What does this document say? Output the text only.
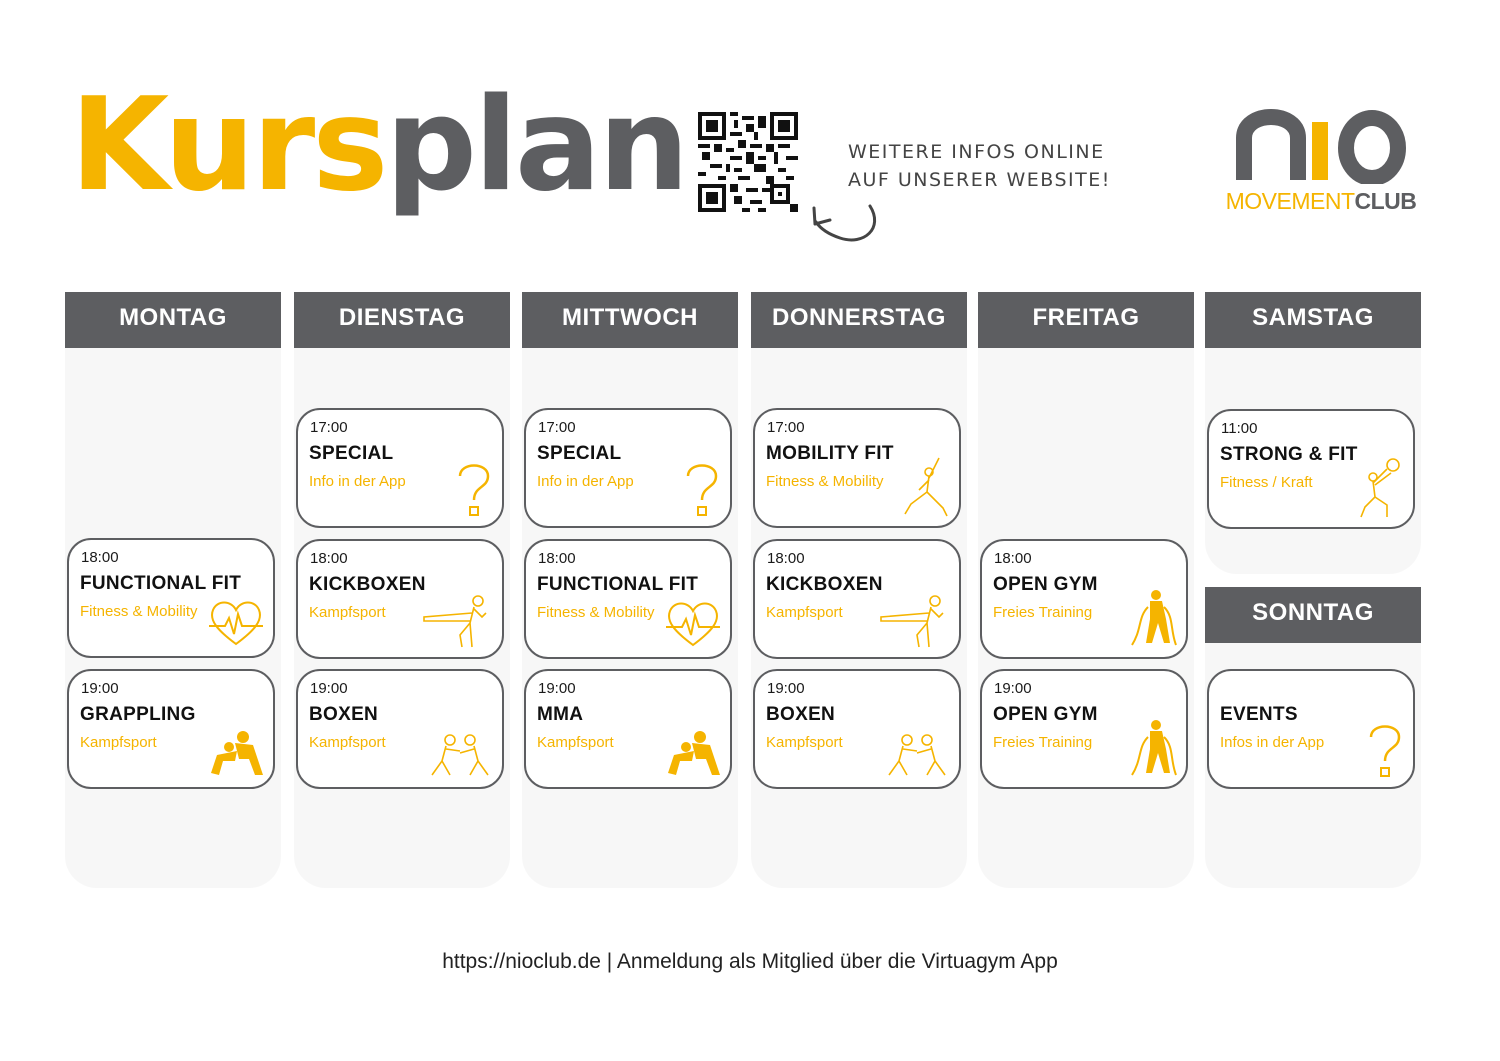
Kursplan	WEITERE INFOS ONLINE
AUF UNSERER WEBSITE!
MOVEMENTCLUB
MONTAG
18:00
FUNCTIONAL FIT
Fitness & Mobility
19:00
GRAPPLING
Kampfsport
DIENSTAG
17:00
SPECIAL
Info in der App
18:00
KICKBOXEN
Kampfsport
19:00
BOXEN
Kampfsport
MITTWOCH
17:00
SPECIAL
Info in der App
18:00
FUNCTIONAL FIT
Fitness & Mobility
19:00
MMA
Kampfsport
DONNERSTAG
17:00
MOBILITY FIT
Fitness & Mobility
18:00
KICKBOXEN
Kampfsport
19:00
BOXEN
Kampfsport
FREITAG
18:00
OPEN GYM
Freies Training
19:00
OPEN GYM
Freies Training
SAMSTAG
11:00
STRONG & FIT
Fitness / Kraft
SONNTAG
EVENTS
Infos in der App
https://nioclub.de | Anmeldung als Mitglied über die Virtuagym App
